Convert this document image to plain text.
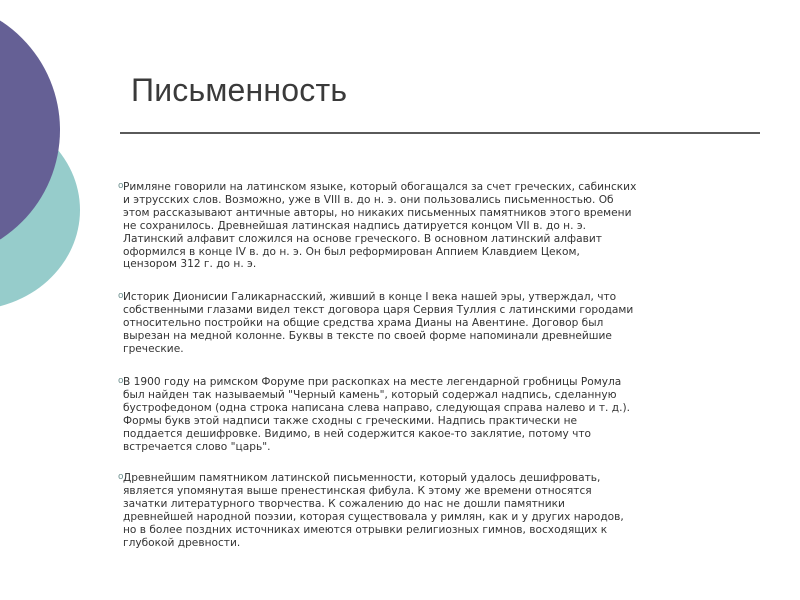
Письменность
o Римляне говорили на латинском языке, который обогащался за счет греческих, сабинских
и этрусских слов. Возможно, уже в VIII в. до н. э. они пользовались письменностью. Об
этом рассказывают античные авторы, но никаких письменных памятников этого времени
не сохранилось. Древнейшая латинская надпись датируется концом VII в. до н. э.
Латинский алфавит сложился на основе греческого. В основном латинский алфавит
оформился в конце IV в. до н. э. Он был реформирован Аппием Клавдием Цеком,
цензором 312 г. до н. э.

o Историк Дионисии Галикарнасский, живший в конце I века нашей эры, утверждал, что
собственными глазами видел текст договора царя Сервия Туллия с латинскими городами
относительно постройки на общие средства храма Дианы на Авентине. Договор был
вырезан на медной колонне. Буквы в тексте по своей форме напоминали древнейшие
греческие.

o В 1900 году на римском Форуме при раскопках на месте легендарной гробницы Ромула
был найден так называемый "Черный камень", который содержал надпись, сделанную
бустрофедоном (одна строка написана слева направо, следующая справа налево и т. д.).
Формы букв этой надписи также сходны с греческими. Надпись практически не
поддается дешифровке. Видимо, в ней содержится какое-то заклятие, потому что
встречается слово "царь".

o Древнейшим памятником латинской письменности, который удалось дешифровать,
является упомянутая выше пренестинская фибула. К этому же времени относятся
зачатки литературного творчества. К сожалению до нас не дошли памятники
древнейшей народной поэзии, которая существовала у римлян, как и у других народов,
но в более поздних источниках имеются отрывки религиозных гимнов, восходящих к
глубокой древности.
